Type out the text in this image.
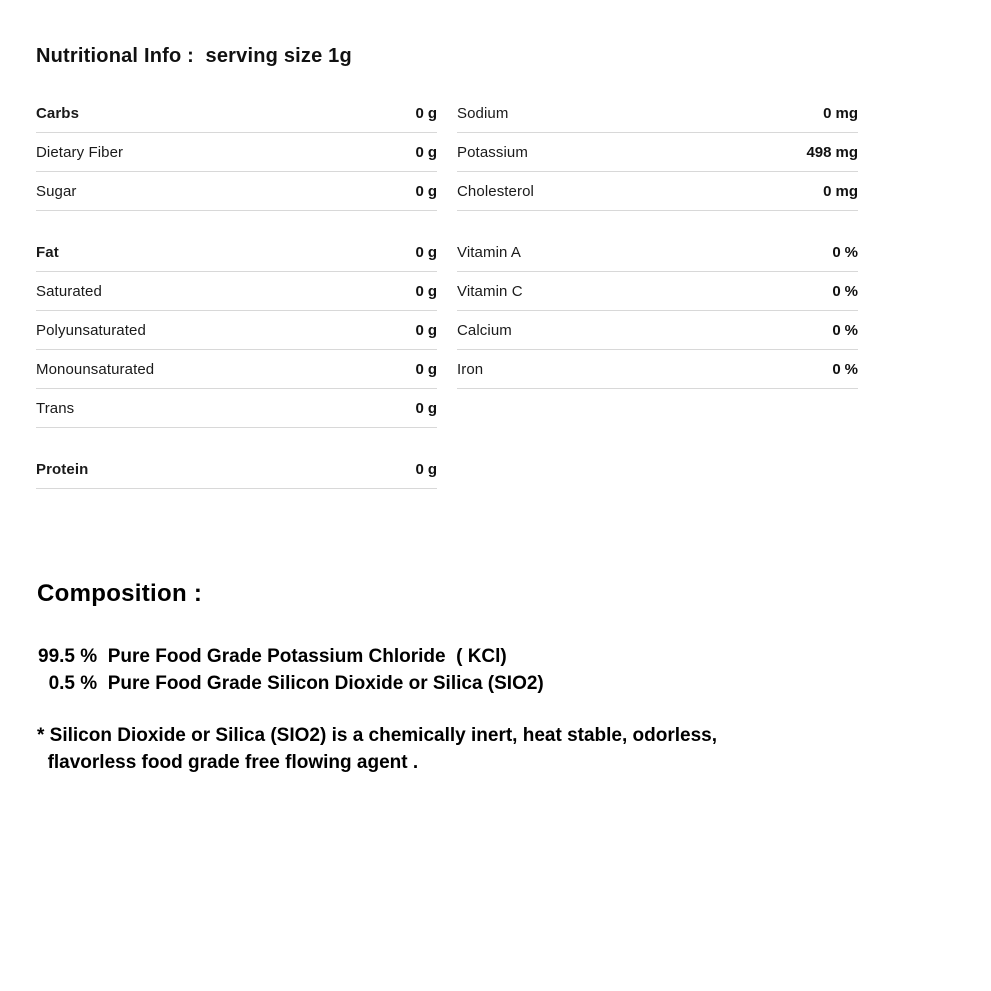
Nutritional Info :  serving size 1g
Carbs	0 g
Dietary Fiber	0 g
Sugar	0 g
Fat	0 g
Saturated	0 g
Polyunsaturated	0 g
Monounsaturated	0 g
Trans	0 g
Protein	0 g
Sodium	0 mg
Potassium	498 mg
Cholesterol	0 mg
Vitamin A	0 %
Vitamin C	0 %
Calcium	0 %
Iron	0 %
Composition :
99.5 %  Pure Food Grade Potassium Chloride  ( KCl)
0.5 %  Pure Food Grade Silicon Dioxide or Silica (SIO2)
* Silicon Dioxide or Silica (SIO2) is a chemically inert, heat stable, odorless,
flavorless food grade free flowing agent .
